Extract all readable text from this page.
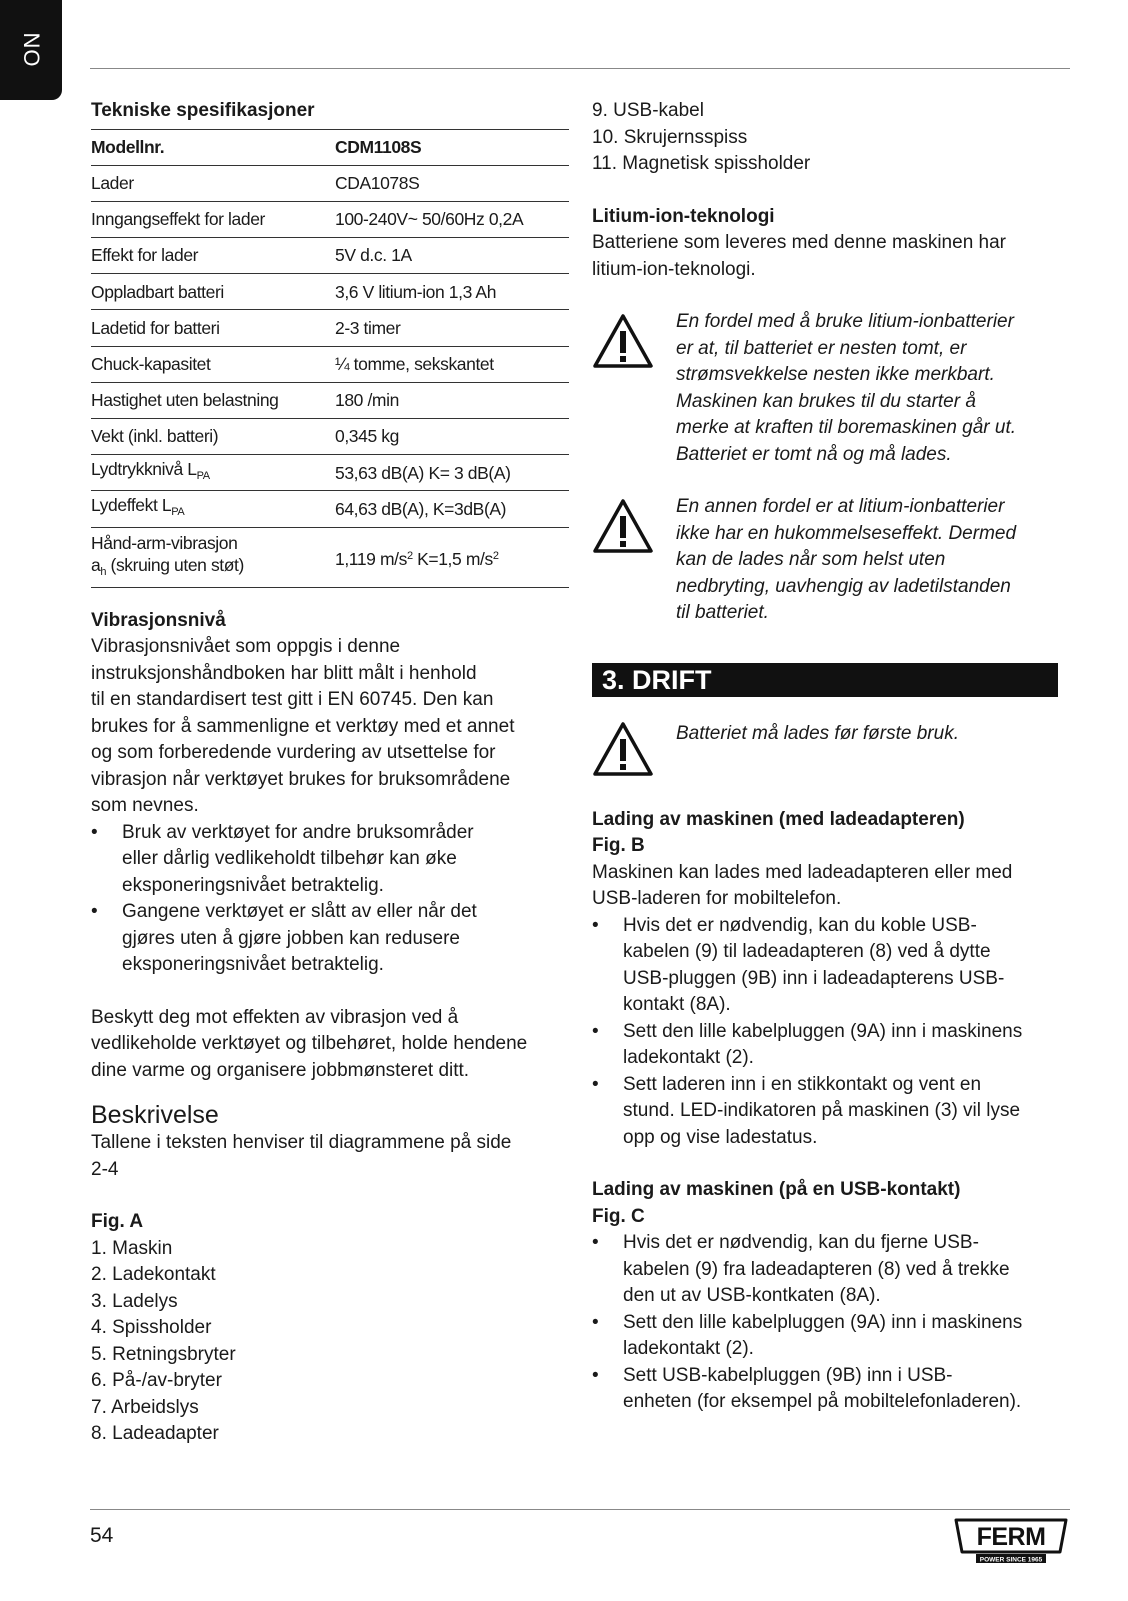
NO
Tekniske spesifikasjoner
Modellnr.	CDM1108S
Lader	CDA1078S
Inngangseffekt for lader	100-240V~ 50/60Hz 0,2A
Effekt for lader	5V d.c. 1A
Oppladbart batteri	3,6 V litium-ion 1,3 Ah
Ladetid for batteri	2-3 timer
Chuck-kapasitet	¼ tomme, sekskantet
Hastighet uten belastning	180 /min
Vekt (inkl. batteri)	0,345 kg
Lydtrykknivå $L_{PA}$	53,63 dB(A) K= 3 dB(A)
Lydeffekt $L_{PA}$	64,63 dB(A), K=3dB(A)

Hånd-arm-vibrasjon
$a_h$ (skruing uten støt)	1,119 $m/s^2$ K=1,5 $m/s^2$
Vibrasjonsnivå
Vibrasjonsnivået som oppgis i denne
instruksjonshåndboken har blitt målt i henhold
til en standardisert test gitt i EN 60745. Den kan
brukes for å sammenligne et verktøy med et annet
og som forberedende vurdering av utsettelse for
vibrasjon når verktøyet brukes for bruksområdene
som nevnes.
• Bruk av verktøyet for andre bruksområder
eller dårlig vedlikeholdt tilbehør kan øke
eksponeringsnivået betraktelig.
• Gangene verktøyet er slått av eller når det
gjøres uten å gjøre jobben kan redusere
eksponeringsnivået betraktelig.
Beskytt deg mot effekten av vibrasjon ved å
vedlikeholde verktøyet og tilbehøret, holde hendene
dine varme og organisere jobbmønsteret ditt.
Beskrivelse
Tallene i teksten henviser til diagrammene på side
2-4
Fig. A
1. Maskin
2. Ladekontakt
3. Ladelys
4. Spissholder
5. Retningsbryter
6. På-/av-bryter
7. Arbeidslys
8. Ladeadapter
9. USB-kabel
10. Skrujernsspiss
11. Magnetisk spissholder
Litium-ion-teknologi
Batteriene som leveres med denne maskinen har
litium-ion-teknologi.
En fordel med å bruke litium-ionbatterier
er at, til batteriet er nesten tomt, er
strømsvekkelse nesten ikke merkbart.
Maskinen kan brukes til du starter å
merke at kraften til boremaskinen går ut.
Batteriet er tomt nå og må lades.
En annen fordel er at litium-ionbatterier
ikke har en hukommelseseffekt. Dermed
kan de lades når som helst uten
nedbryting, uavhengig av ladetilstanden
til batteriet.
3. DRIFT
Batteriet må lades før første bruk.
Lading av maskinen (med ladeadapteren)
Fig. B
Maskinen kan lades med ladeadapteren eller med
USB-laderen for mobiltelefon.
• Hvis det er nødvendig, kan du koble USB-
kabelen (9) til ladeadapteren (8) ved å dytte
USB-pluggen (9B) inn i ladeadapterens USB-
kontakt (8A).
• Sett den lille kabelpluggen (9A) inn i maskinens
ladekontakt (2).
• Sett laderen inn i en stikkontakt og vent en
stund. LED-indikatoren på maskinen (3) vil lyse
opp og vise ladestatus.
Lading av maskinen (på en USB-kontakt)
Fig. C
• Hvis det er nødvendig, kan du fjerne USB-
kabelen (9) fra ladeadapteren (8) ved å trekke
den ut av USB-kontkaten (8A).
• Sett den lille kabelpluggen (9A) inn i maskinens
ladekontakt (2).
• Sett USB-kabelpluggen (9B) inn i USB-
enheten (for eksempel på mobiltelefonladeren).
54	FERM
POWER SINCE 1965
